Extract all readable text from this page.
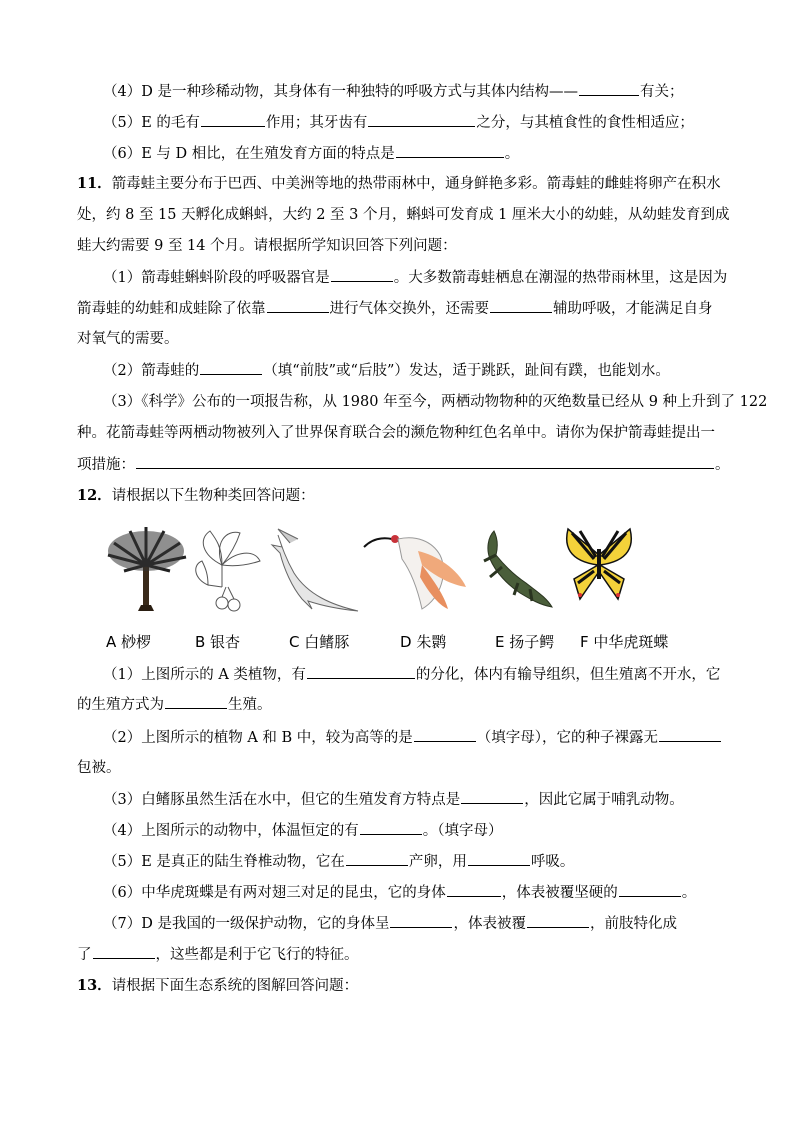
（4）D 是一种珍稀动物，其身体有一种独特的呼吸方式与其体内结构——	有关；
（5）E 的毛有	作用；其牙齿有	之分，与其植食性的食性相适应；
（6）E 与 D 相比，在生殖发育方面的特点是	。
11．箭毒蛙主要分布于巴西、中美洲等地的热带雨林中，通身鲜艳多彩。箭毒蛙的雌蛙将卵产在积水
处，约 8 至 15 天孵化成蝌蚪，大约 2 至 3 个月，蝌蚪可发育成 1 厘米大小的幼蛙，从幼蛙发育到成
蛙大约需要 9 至 14 个月。请根据所学知识回答下列问题：
（1）箭毒蛙蝌蚪阶段的呼吸器官是	。大多数箭毒蛙栖息在潮湿的热带雨林里，这是因为
箭毒蛙的幼蛙和成蛙除了依靠	进行气体交换外，还需要	辅助呼吸，才能满足自身
对氧气的需要。
（2）箭毒蛙的	（填“前肢”或“后肢”）发达，适于跳跃，趾间有蹼，也能划水。
（3）《科学》公布的一项报告称，从 1980 年至今，两栖动物物种的灭绝数量已经从 9 种上升到了 122
种。花箭毒蛙等两栖动物被列入了世界保育联合会的濒危物种红色名单中。请你为保护箭毒蛙提出一
项措施：	。
12．请根据以下生物种类回答问题：
A 桫椤	B 银杏	C 白鳍豚	D 朱鹮	E 扬子鳄 F 中华虎斑蝶
（1）上图所示的 A 类植物，有	的分化，体内有输导组织，但生殖离不开水，它
的生殖方式为	生殖。
（2）上图所示的植物 A 和 B 中，较为高等的是	（填字母），它的种子裸露无
包被。
（3）白鳍豚虽然生活在水中，但它的生殖发育方特点是	，因此它属于哺乳动物。
（4）上图所示的动物中，体温恒定的有	。（填字母）
（5）E 是真正的陆生脊椎动物，它在	产卵，用	呼吸。
（6）中华虎斑蝶是有两对翅三对足的昆虫，它的身体	，体表被覆坚硬的	。
（7）D 是我国的一级保护动物，它的身体呈	，体表被覆	，前肢特化成
了	，这些都是利于它飞行的特征。
13．请根据下面生态系统的图解回答问题：
